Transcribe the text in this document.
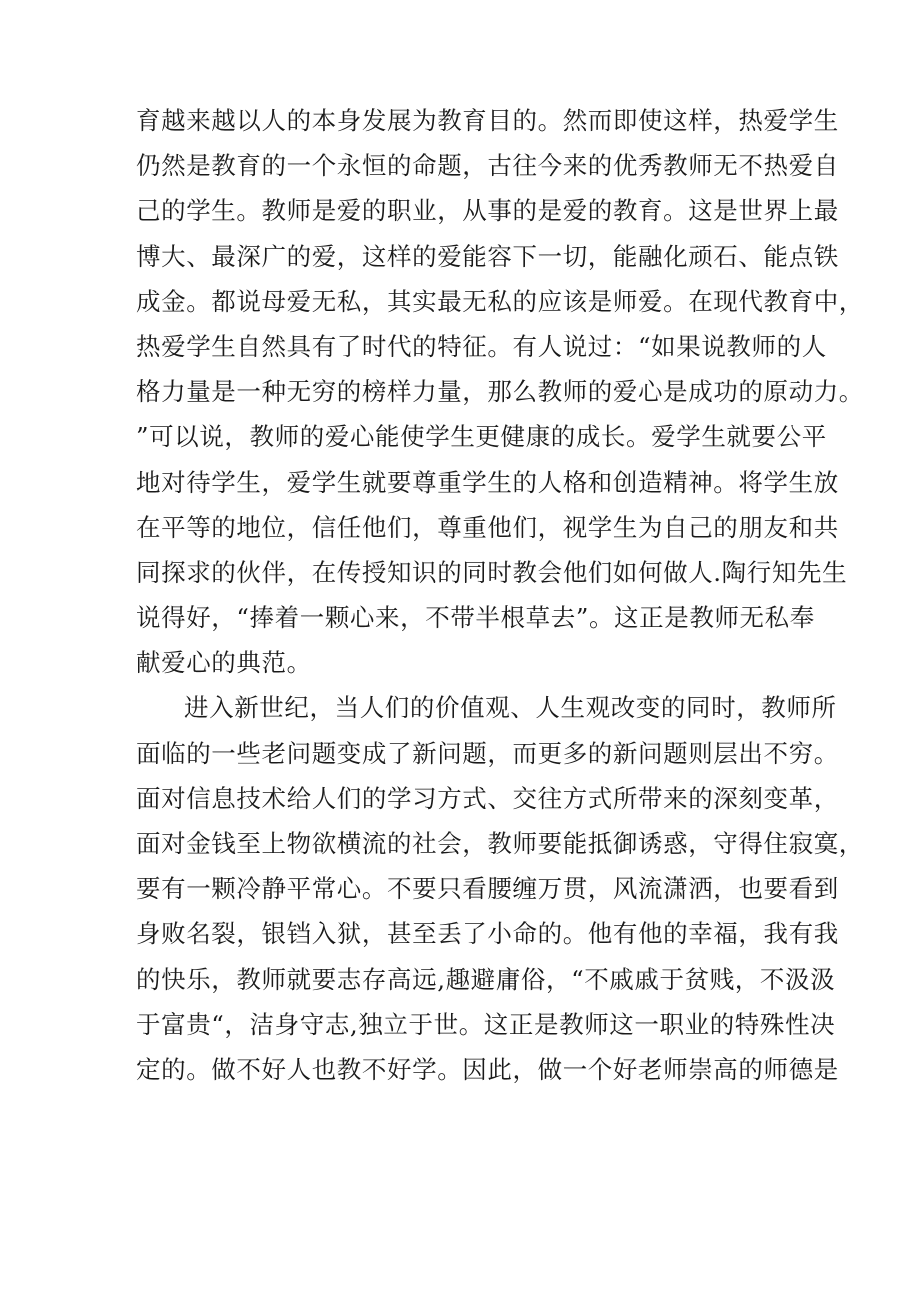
育越来越以人的本身发展为教育目的。然而即使这样，热爱学生
仍然是教育的一个永恒的命题，古往今来的优秀教师无不热爱自
己的学生。教师是爱的职业，从事的是爱的教育。这是世界上最
博大、最深广的爱，这样的爱能容下一切，能融化顽石、能点铁
成金。都说母爱无私，其实最无私的应该是师爱。在现代教育中，
热爱学生自然具有了时代的特征。有人说过：“如果说教师的人
格力量是一种无穷的榜样力量，那么教师的爱心是成功的原动力。
”可以说，教师的爱心能使学生更健康的成长。爱学生就要公平
地对待学生，爱学生就要尊重学生的人格和创造精神。将学生放
在平等的地位，信任他们，尊重他们，视学生为自己的朋友和共
同探求的伙伴，在传授知识的同时教会他们如何做人.陶行知先生
说得好，“捧着一颗心来，不带半根草去”。这正是教师无私奉
献爱心的典范。
进入新世纪，当人们的价值观、人生观改变的同时，教师所
面临的一些老问题变成了新问题，而更多的新问题则层出不穷。
面对信息技术给人们的学习方式、交往方式所带来的深刻变革，
面对金钱至上物欲横流的社会，教师要能抵御诱惑，守得住寂寞，
要有一颗冷静平常心。不要只看腰缠万贯，风流潇洒，也要看到
身败名裂，银铛入狱，甚至丢了小命的。他有他的幸福，我有我
的快乐，教师就要志存高远,趣避庸俗，“不戚戚于贫贱，不汲汲
于富贵“，洁身守志,独立于世。这正是教师这一职业的特殊性决
定的。做不好人也教不好学。因此，做一个好老师崇高的师德是
